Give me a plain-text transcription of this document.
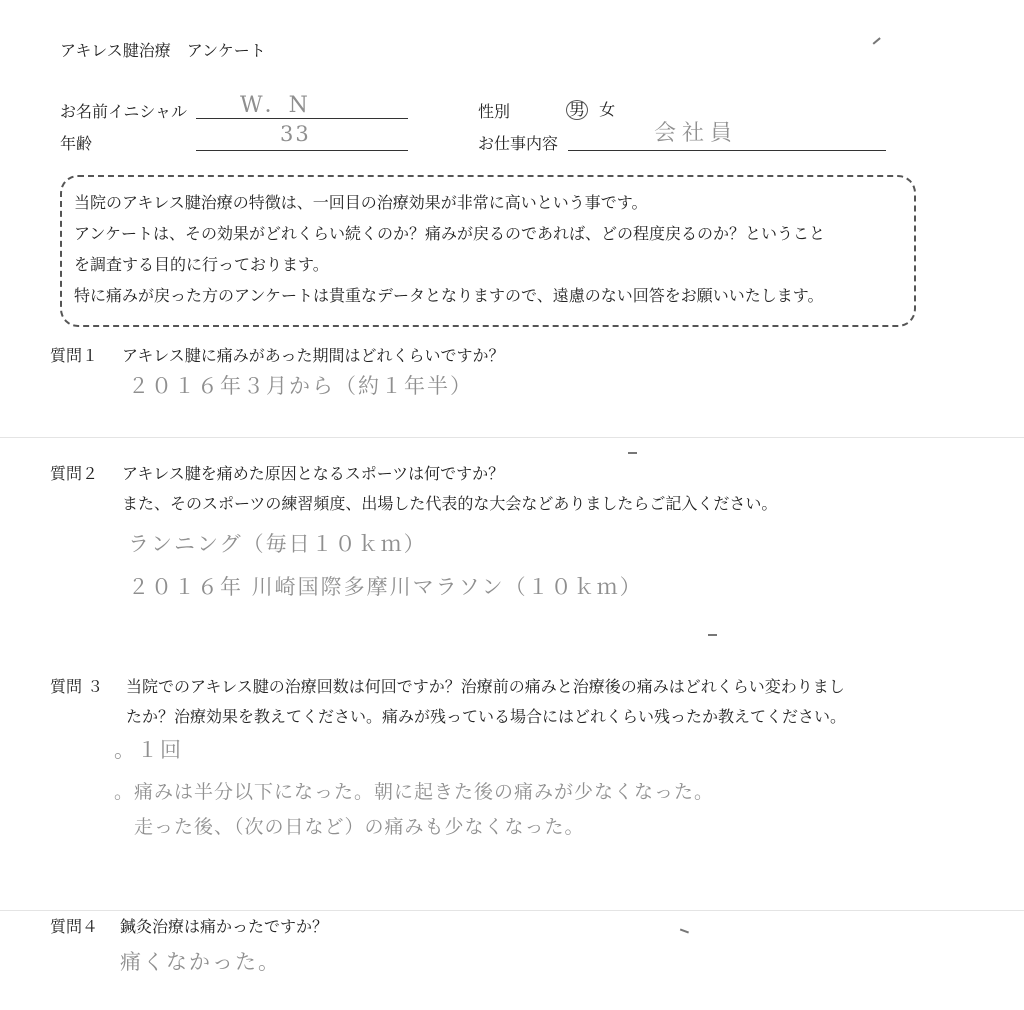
アキレス腱治療　アンケート
お名前イニシャル W．N
年齢	33
性別	男 女
お仕事内容	会社員
当院のアキレス腱治療の特徴は、一回目の治療効果が非常に高いという事です。
アンケートは、その効果がどれくらい続くのか？痛みが戻るのであれば、どの程度戻るのか？ということ
を調査する目的に行っております。
特に痛みが戻った方のアンケートは貴重なデータとなりますので、遠慮のない回答をお願いいたします。
質問１ アキレス腱に痛みがあった期間はどれくらいですか？
２０１６年３月から（約１年半）
質問２ アキレス腱を痛めた原因となるスポーツは何ですか？
また、そのスポーツの練習頻度、出場した代表的な大会などありましたらご記入ください。
ランニング（毎日１０ｋｍ）
２０１６年 川崎国際多摩川マラソン（１０ｋｍ）
質問 ３ 当院でのアキレス腱の治療回数は何回ですか？治療前の痛みと治療後の痛みはどれくらい変わりまし
たか？治療効果を教えてください。痛みが残っている場合にはどれくらい残ったか教えてください。
。１回
。痛みは半分以下になった。朝に起きた後の痛みが少なくなった。
走った後、（次の日など）の痛みも少なくなった。
質問４ 鍼灸治療は痛かったですか？
痛くなかった。
